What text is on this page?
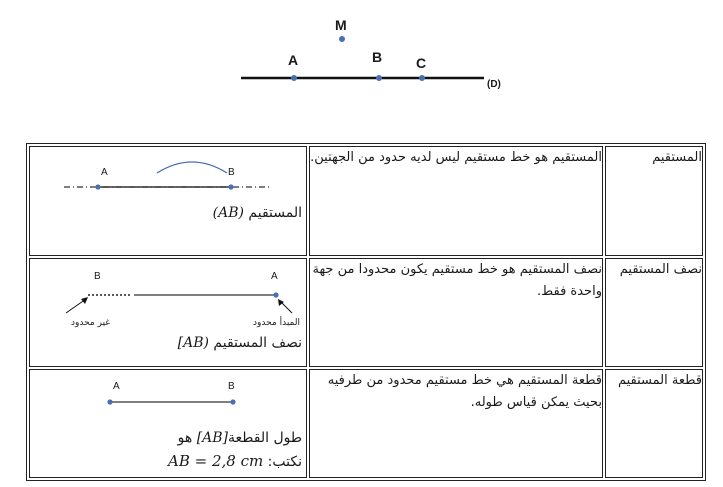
M
A	B C
(D)
A B
المستقيم (AB)	المستقيم هو خط مستقيم ليس لديه حدود من الجهتين.	المستقيم

B A
غير محدود المبدأ محدود
نصف المستقيم [AB)	نصف المستقيم هو خط مستقيم يكون محدودا من جهة واحدة فقط.	نصف المستقيم

A B
طول القطعة[AB] هو
نكتب: AB = 2,8 cm	قطعة المستقيم هي خط مستقيم محدود من طرفيه بحيث يمكن قياس طوله.	قطعة المستقيم
